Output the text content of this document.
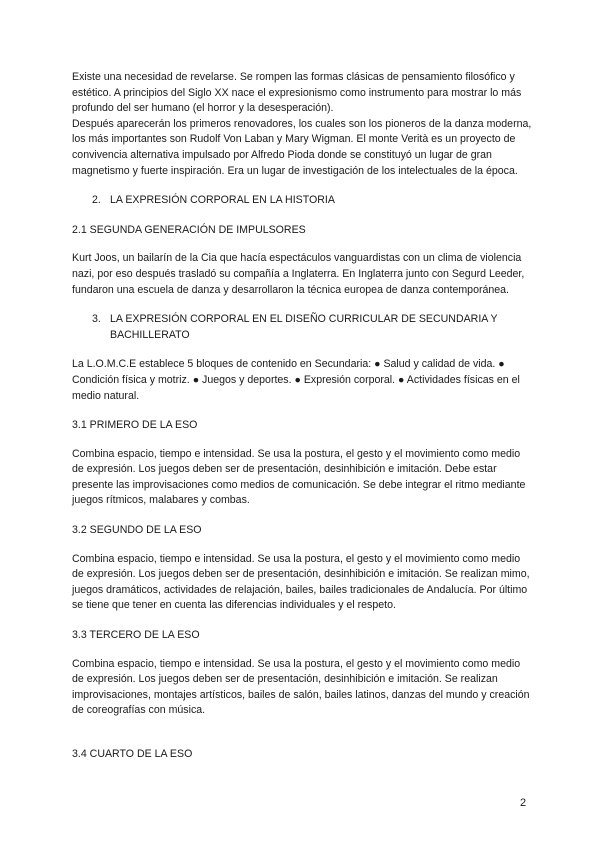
Existe una necesidad de revelarse. Se rompen las formas clásicas de pensamiento filosófico y estético. A principios del Siglo XX nace el expresionismo como instrumento para mostrar lo más profundo del ser humano (el horror y la desesperación).

Después aparecerán los primeros renovadores, los cuales son los pioneros de la danza moderna, los más importantes son Rudolf Von Laban y Mary Wigman. El monte Verità es un proyecto de convivencia alternativa impulsado por Alfredo Pioda donde se constituyó un lugar de gran magnetismo y fuerte inspiración. Era un lugar de investigación de los intelectuales de la época.

2. LA EXPRESIÓN CORPORAL EN LA HISTORIA

2.1 SEGUNDA GENERACIÓN DE IMPULSORES

Kurt Joos, un bailarín de la Cia que hacía espectáculos vanguardistas con un clima de violencia nazi, por eso después trasladó su compañía a Inglaterra. En Inglaterra junto con Segurd Leeder, fundaron una escuela de danza y desarrollaron la técnica europea de danza contemporánea.

3. LA EXPRESIÓN CORPORAL EN EL DISEÑO CURRICULAR DE SECUNDARIA Y BACHILLERATO

La L.O.M.C.E establece 5 bloques de contenido en Secundaria: ● Salud y calidad de vida. ● Condición física y motriz. ● Juegos y deportes. ● Expresión corporal. ● Actividades físicas en el medio natural.

3.1 PRIMERO DE LA ESO

Combina espacio, tiempo e intensidad. Se usa la postura, el gesto y el movimiento como medio de expresión. Los juegos deben ser de presentación, desinhibición e imitación. Debe estar presente las improvisaciones como medios de comunicación. Se debe integrar el ritmo mediante juegos rítmicos, malabares y combas.

3.2 SEGUNDO DE LA ESO

Combina espacio, tiempo e intensidad. Se usa la postura, el gesto y el movimiento como medio de expresión. Los juegos deben ser de presentación, desinhibición e imitación. Se realizan mimo, juegos dramáticos, actividades de relajación, bailes, bailes tradicionales de Andalucía. Por último se tiene que tener en cuenta las diferencias individuales y el respeto.

3.3 TERCERO DE LA ESO

Combina espacio, tiempo e intensidad. Se usa la postura, el gesto y el movimiento como medio de expresión. Los juegos deben ser de presentación, desinhibición e imitación. Se realizan improvisaciones, montajes artísticos, bailes de salón, bailes latinos, danzas del mundo y creación de coreografías con música.

3.4 CUARTO DE LA ESO

2
